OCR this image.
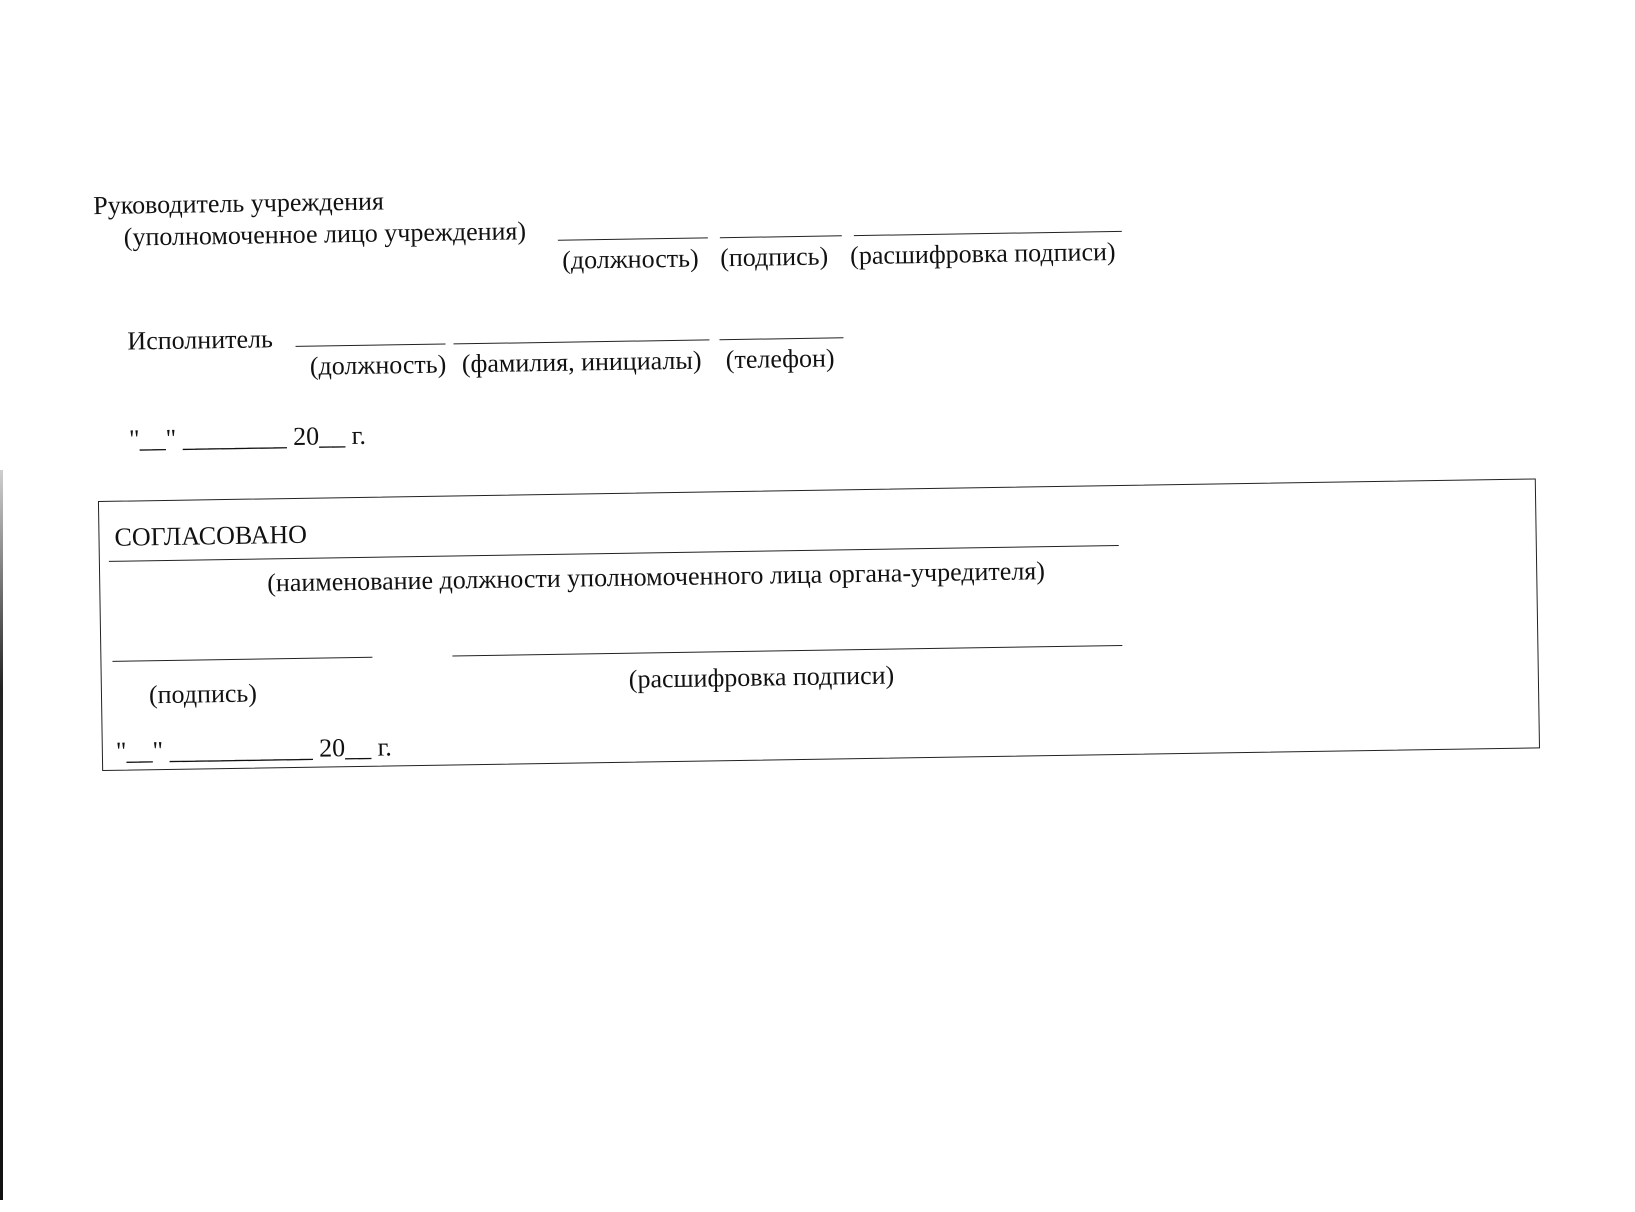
Руководитель учреждения
(уполномоченное лицо учреждения)
(должность) (подпись) (расшифровка подписи)
Исполнитель
(должность) (фамилия, инициалы) (телефон)
"__" ________ 20__ г.
СОГЛАСОВАНО
(наименование должности уполномоченного лица органа-учредителя)
(подпись)
(расшифровка подписи)
"__" ___________ 20__ г.
